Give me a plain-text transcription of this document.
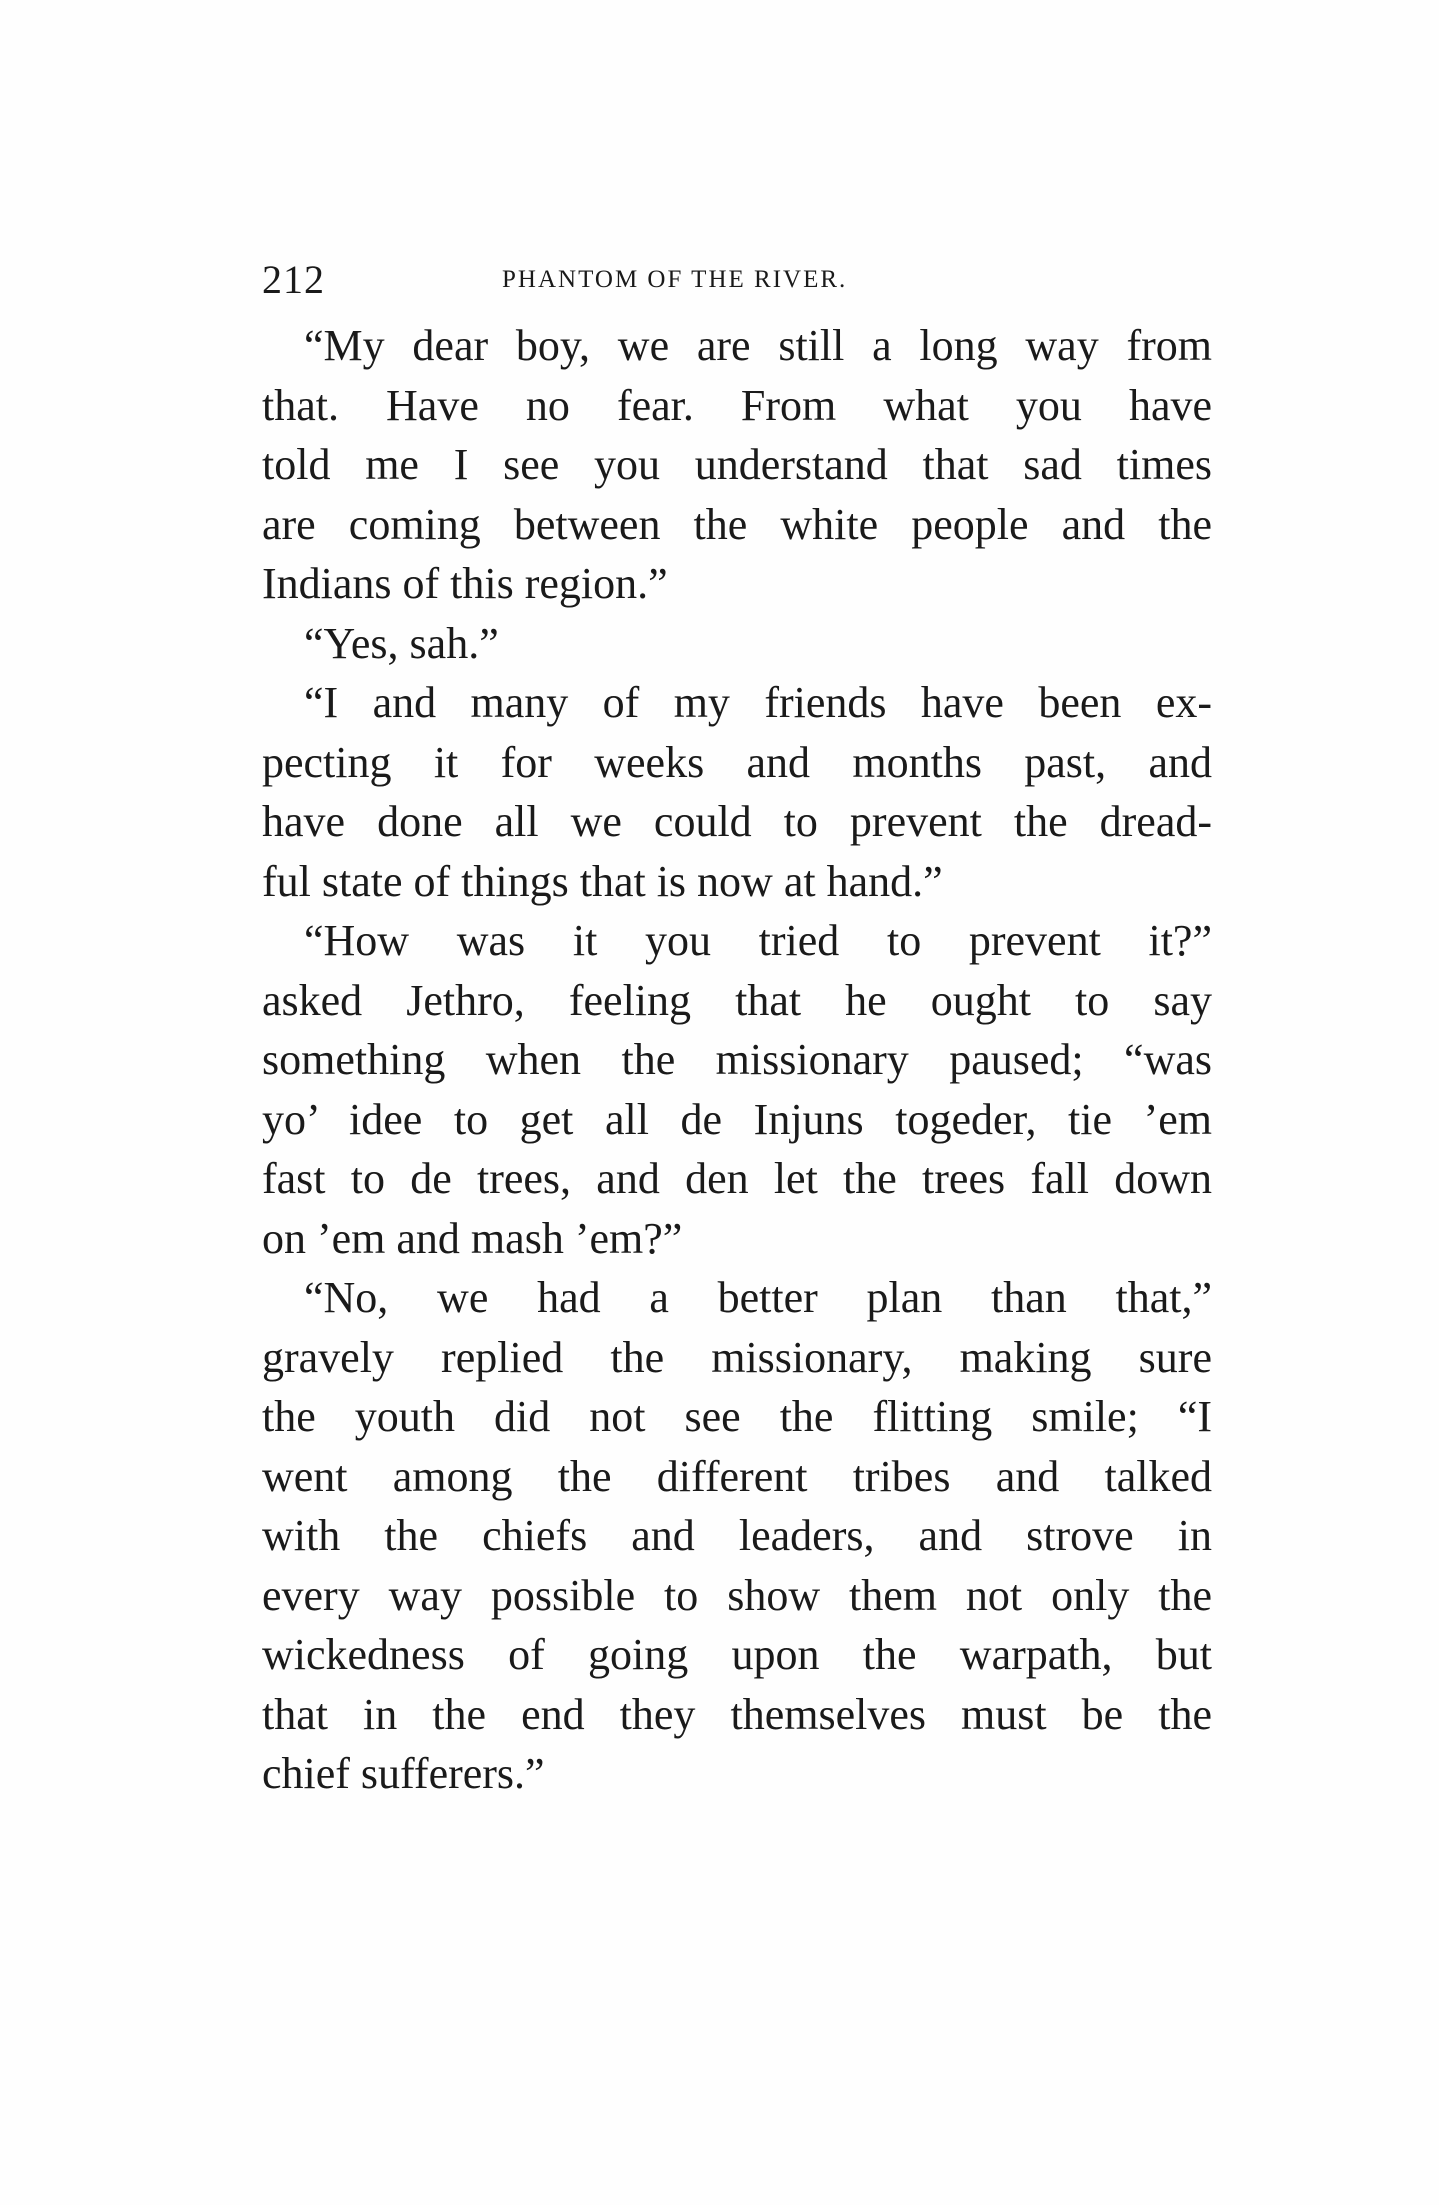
212	PHANTOM OF THE RIVER.
“My dear boy, we are still a long way from
that. Have no fear. From what you have
told me I see you understand that sad times
are coming between the white people and the
Indians of this region.”
“Yes, sah.”
“I and many of my friends have been ex-
pecting it for weeks and months past, and
have done all we could to prevent the dread-
ful state of things that is now at hand.”
“How was it you tried to prevent it?”
asked Jethro, feeling that he ought to say
something when the missionary paused; “was
yo’ idee to get all de Injuns togeder, tie ’em
fast to de trees, and den let the trees fall down
on ’em and mash ’em?”
“No, we had a better plan than that,”
gravely replied the missionary, making sure
the youth did not see the flitting smile; “I
went among the different tribes and talked
with the chiefs and leaders, and strove in
every way possible to show them not only the
wickedness of going upon the warpath, but
that in the end they themselves must be the
chief sufferers.”
